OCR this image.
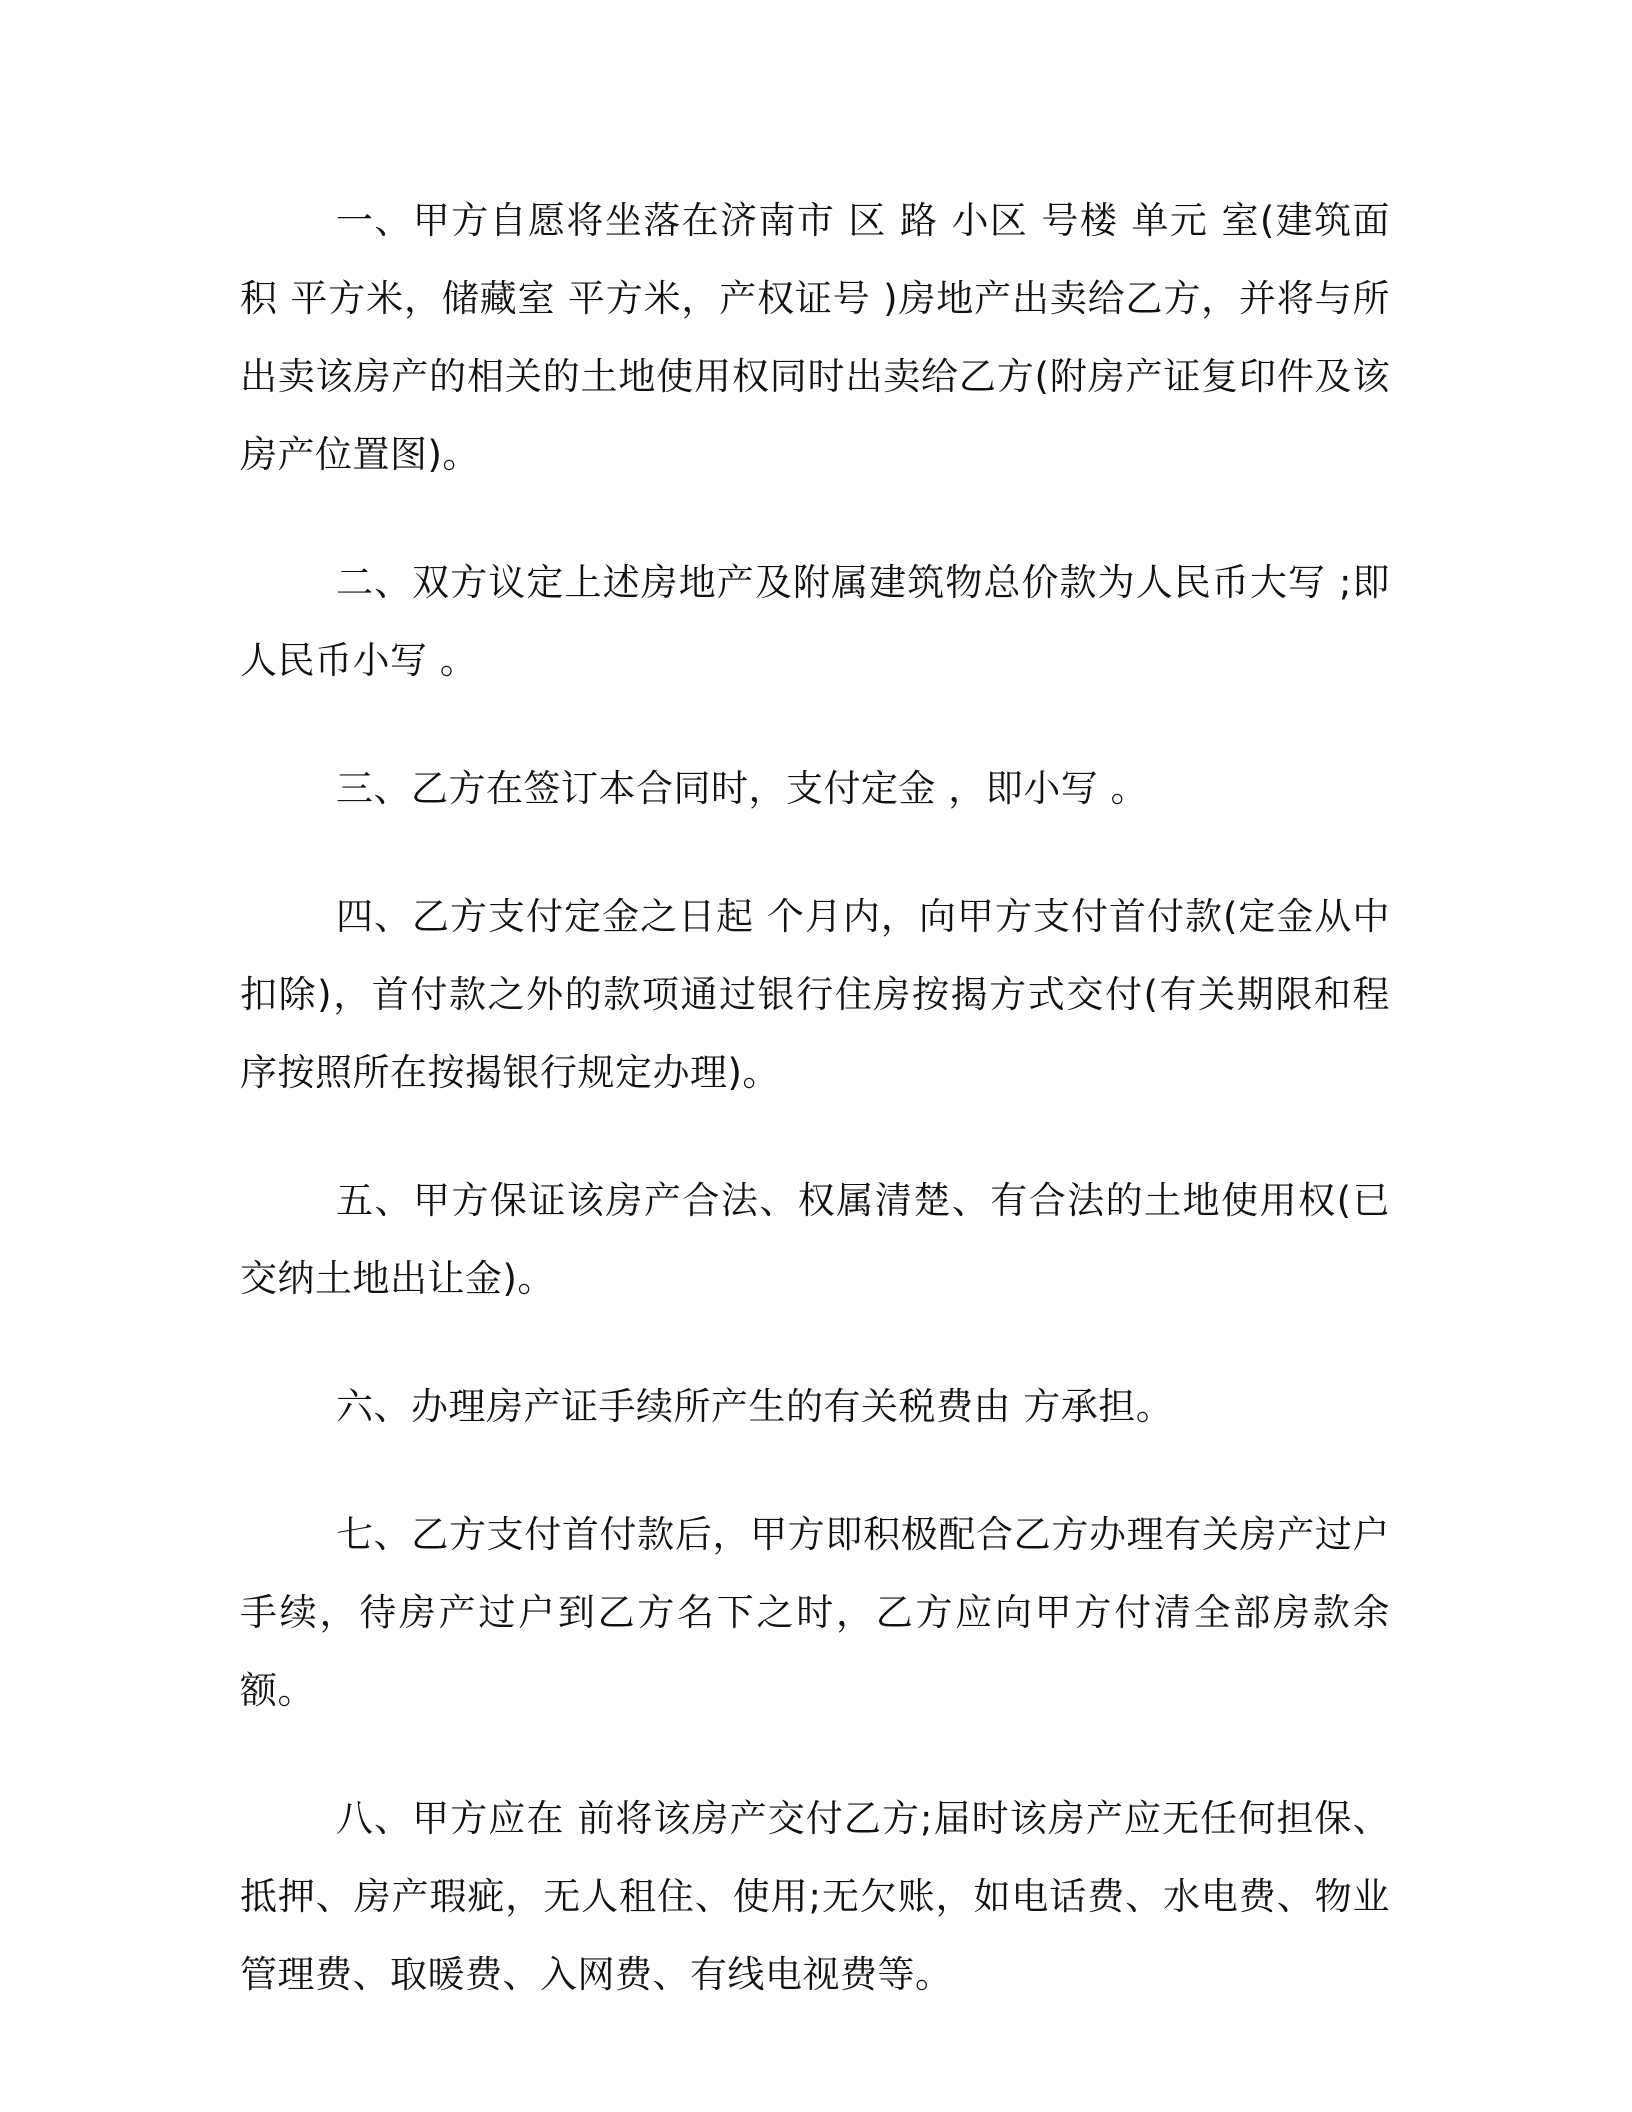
一、甲方自愿将坐落在济南市 区 路 小区 号楼 单元 室(建筑面积 平方米，储藏室 平方米，产权证号 )房地产出卖给乙方，并将与所出卖该房产的相关的土地使用权同时出卖给乙方(附房产证复印件及该房产位置图)。

二、双方议定上述房地产及附属建筑物总价款为人民币大写 ;即人民币小写 。

三、乙方在签订本合同时，支付定金 ，即小写 。

四、乙方支付定金之日起 个月内，向甲方支付首付款(定金从中扣除)，首付款之外的款项通过银行住房按揭方式交付(有关期限和程序按照所在按揭银行规定办理)。

五、甲方保证该房产合法、权属清楚、有合法的土地使用权(已交纳土地出让金)。

六、办理房产证手续所产生的有关税费由 方承担。

七、乙方支付首付款后，甲方即积极配合乙方办理有关房产过户手续，待房产过户到乙方名下之时，乙方应向甲方付清全部房款余额。

八、甲方应在 前将该房产交付乙方;届时该房产应无任何担保、抵押、房产瑕疵，无人租住、使用;无欠账，如电话费、水电费、物业管理费、取暖费、入网费、有线电视费等。
